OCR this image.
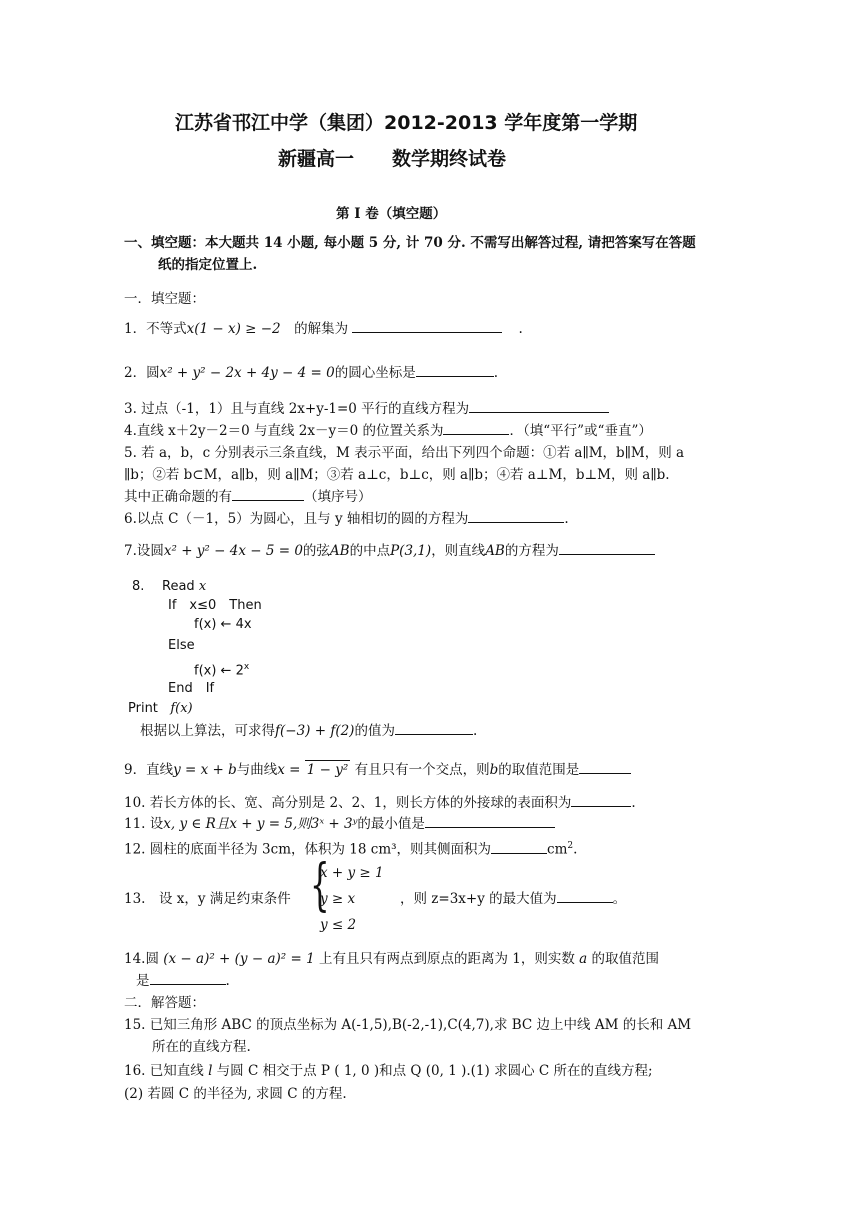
江苏省邗江中学（集团）2012-2013 学年度第一学期
新疆高一　　数学期终试卷
第 I 卷（填空题）
一、填空题：本大题共 14 小题, 每小题 5 分, 计 70 分. 不需写出解答过程, 请把答案写在答题
纸的指定位置上.
一．填空题：
1．不等式x(1 − x) ≥ −2　的解集为	.
2．圆x² + y² − 2x + 4y − 4 = 0的圆心坐标是	.
3. 过点（-1，1）且与直线 2x+y-1=0 平行的直线方程为
4.直线 x＋2y－2＝0 与直线 2x－y＝0 的位置关系为	．（填“平行”或“垂直”）
5. 若 a，b，c 分别表示三条直线，M 表示平面，给出下列四个命题：①若 a∥M，b∥M，则 a
∥b；②若 b⊂M，a∥b，则 a∥M；③若 a⊥c，b⊥c，则 a∥b；④若 a⊥M，b⊥M，则 a∥b.
其中正确命题的有	（填序号）
6.以点 C（－1，5）为圆心，且与 y 轴相切的圆的方程为	.
7.设圆x² + y² − 4x − 5 = 0的弦AB的中点P(3,1)，则直线AB的方程为
8. Read x
If　x≤0　Then
f(x) ← 4x
Else
f(x) ← 2$^x$
End　If
Print f(x)
根据以上算法，可求得f(−3) + f(2)的值为	.
9．直线y = x + b与曲线x = 1 − y² 有且只有一个交点，则b的取值范围是
10. 若长方体的长、宽、高分别是 2、2、1，则长方体的外接球的表面积为	.
11. 设x, y ∈ R且x + y = 5,则3ˣ + 3ʸ的最小值是
12. 圆柱的底面半径为 3cm，体积为 18 cm³，则其侧面积为	$cm^2$.
{
x + y ≥ 1
y ≥ x
y ≤ 2
13.　设 x，y 满足约束条件	，则 z=3x+y 的最大值为	。
14.圆 (x − a)² + (y − a)² = 1 上有且只有两点到原点的距离为 1，则实数 a 的取值范围
是	.
二．解答题：
15. 已知三角形 ABC 的顶点坐标为 A(-1,5),B(-2,-1),C(4,7),求 BC 边上中线 AM 的长和 AM
所在的直线方程.
16. 已知直线 l 与圆 C 相交于点 P ( 1, 0 )和点 Q (0, 1 ).(1) 求圆心 C 所在的直线方程;
(2) 若圆 C 的半径为, 求圆 C 的方程.
